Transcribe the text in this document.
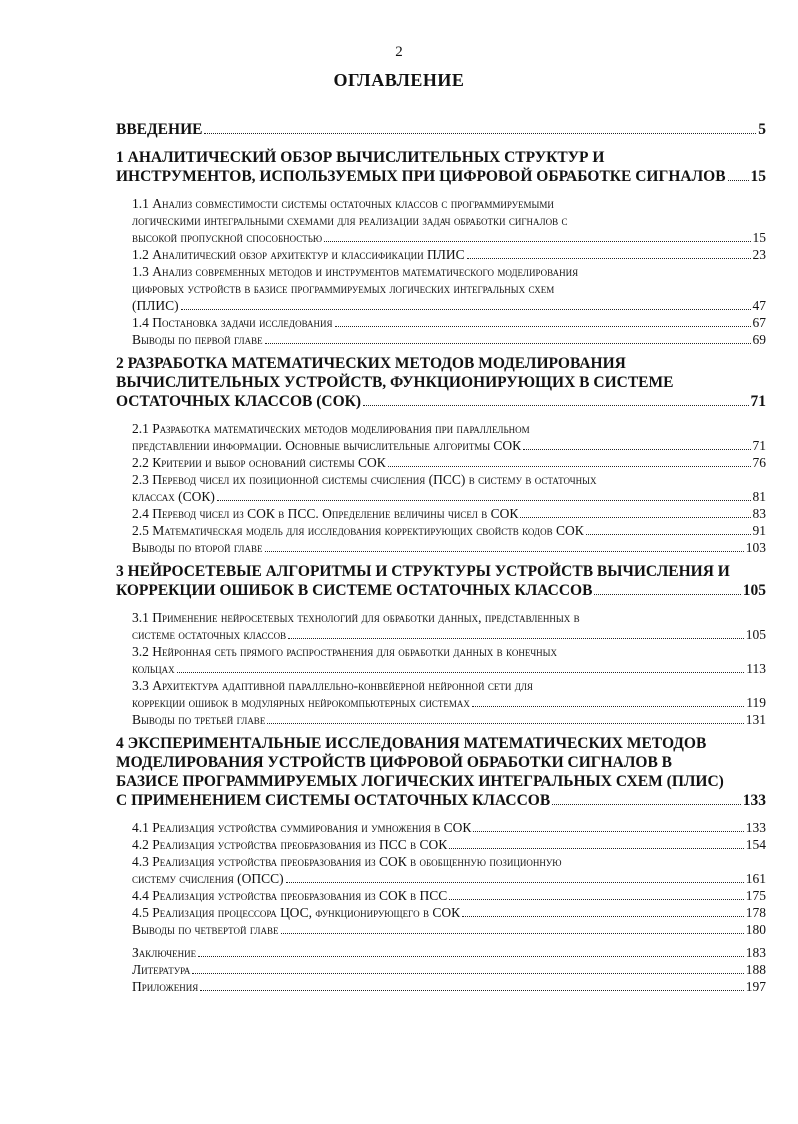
2
ОГЛАВЛЕНИЕ
ВВЕДЕНИЕ	5
1 АНАЛИТИЧЕСКИЙ ОБЗОР ВЫЧИСЛИТЕЛЬНЫХ СТРУКТУР И
ИНСТРУМЕНТОВ, ИСПОЛЬЗУЕМЫХ ПРИ ЦИФРОВОЙ ОБРАБОТКЕ СИГНАЛОВ 15
1.1 Анализ совместимости системы остаточных классов с программируемыми
логическими интегральными схемами для реализации задач обработки сигналов с
высокой пропускной способностью	15
1.2 Аналитический обзор архитектур и классификации ПЛИС	23
1.3 Анализ современных методов и инструментов математического моделирования
цифровых устройств в базисе программируемых логических интегральных схем
(ПЛИС)	47
1.4 Постановка задачи исследования	67
Выводы по первой главе	69
2 РАЗРАБОТКА МАТЕМАТИЧЕСКИХ МЕТОДОВ МОДЕЛИРОВАНИЯ
ВЫЧИСЛИТЕЛЬНЫХ УСТРОЙСТВ, ФУНКЦИОНИРУЮЩИХ В СИСТЕМЕ
ОСТАТОЧНЫХ КЛАССОВ (СОК)	71
2.1 Разработка математических методов моделирования при параллельном
представлении информации. Основные вычислительные алгоритмы СОК	71
2.2 Критерии и выбор оснований системы СОК	76
2.3 Перевод чисел их позиционной системы счисления (ПСС) в систему в остаточных
классах (СОК)	81
2.4 Перевод чисел из СОК в ПСС. Определение величины чисел в СОК	83
2.5 Математическая модель для исследования корректирующих свойств кодов СОК	91
Выводы по второй главе	103
3 НЕЙРОСЕТЕВЫЕ АЛГОРИТМЫ И СТРУКТУРЫ УСТРОЙСТВ ВЫЧИСЛЕНИЯ И
КОРРЕКЦИИ ОШИБОК В СИСТЕМЕ ОСТАТОЧНЫХ КЛАССОВ	105
3.1 Применение нейросетевых технологий для обработки данных, представленных в
системе остаточных классов	105
3.2 Нейронная сеть прямого распространения для обработки данных в конечных
кольцах	113
3.3 Архитектура адаптивной параллельно-конвейерной нейронной сети для
коррекции ошибок в модулярных нейрокомпьютерных системах	119
Выводы по третьей главе	131
4 ЭКСПЕРИМЕНТАЛЬНЫЕ ИССЛЕДОВАНИЯ МАТЕМАТИЧЕСКИХ МЕТОДОВ
МОДЕЛИРОВАНИЯ УСТРОЙСТВ ЦИФРОВОЙ ОБРАБОТКИ СИГНАЛОВ В
БАЗИСЕ ПРОГРАММИРУЕМЫХ ЛОГИЧЕСКИХ ИНТЕГРАЛЬНЫХ СХЕМ (ПЛИС)
С ПРИМЕНЕНИЕМ СИСТЕМЫ ОСТАТОЧНЫХ КЛАССОВ	133
4.1 Реализация устройства суммирования и умножения в СОК	133
4.2 Реализация устройства преобразования из ПСС в СОК	154
4.3 Реализация устройства преобразования из СОК в обобщенную позиционную
систему счисления (ОПСС)	161
4.4 Реализация устройства преобразования из СОК в ПСС	175
4.5 Реализация процессора ЦОС, функционирующего в СОК	178
Выводы по четвертой главе	180
Заключение	183
Литература	188
Приложения	197
